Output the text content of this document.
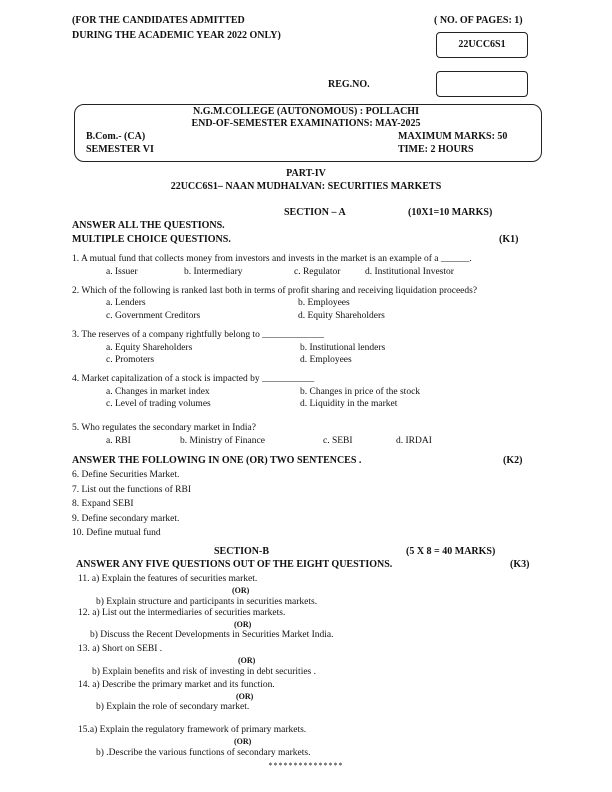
(FOR THE CANDIDATES ADMITTED
DURING THE ACADEMIC YEAR 2022 ONLY)
( NO. OF PAGES: 1)
22UCC6S1
REG.NO.
N.G.M.COLLEGE (AUTONOMOUS) : POLLACHI
END-OF-SEMESTER EXAMINATIONS: MAY-2025
B.Com.- (CA)	MAXIMUM MARKS: 50
SEMESTER VI	TIME: 2 HOURS
PART-IV
22UCC6S1– NAAN MUDHALVAN: SECURITIES MARKETS
SECTION – A	(10X1=10 MARKS)
ANSWER ALL THE QUESTIONS.
MULTIPLE CHOICE QUESTIONS.	(K1)
1. A mutual fund that collects money from investors and invests in the market is an example of a ______.
a. Issuer	b. Intermediary	c. Regulator	d. Institutional Investor
2. Which of the following is ranked last both in terms of profit sharing and receiving liquidation proceeds?
a. Lenders	b. Employees
c. Government Creditors	d. Equity Shareholders
3. The reserves of a company rightfully belong to _____________
a. Equity Shareholders	b. Institutional lenders
c. Promoters	d. Employees
4. Market capitalization of a stock is impacted by ___________
a. Changes in market index	b. Changes in price of the stock
c. Level of trading volumes	d. Liquidity in the market
5. Who regulates the secondary market in India?
a. RBI	b. Ministry of Finance	c. SEBI	d. IRDAI
ANSWER THE FOLLOWING IN ONE (OR) TWO SENTENCES .	(K2)
6. Define Securities Market.
7. List out the functions of RBI
8. Expand SEBI
9. Define secondary market.
10. Define mutual fund
SECTION-B	(5 X 8 = 40 MARKS)
ANSWER ANY FIVE QUESTIONS OUT OF THE EIGHT QUESTIONS.	(K3)
11. a) Explain the features of securities market.
(OR)
b) Explain structure and participants in securities markets.
12. a) List out the intermediaries of securities markets.
(OR)
b) Discuss the Recent Developments in Securities Market India.
13. a) Short on SEBI .
(OR)
b) Explain benefits and risk of investing in debt securities .
14. a) Describe the primary market and its function.
(OR)
b) Explain the role of secondary market.
15.a) Explain the regulatory framework of primary markets.
(OR)
b) .Describe the various functions of secondary markets.
***************
